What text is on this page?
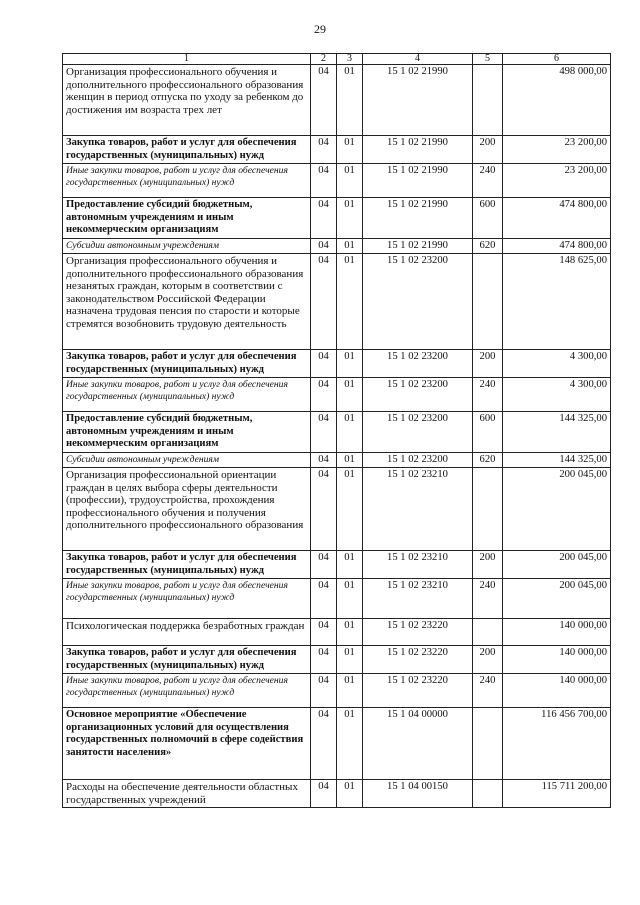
29
1	2	3	4	5	6
Организация профессионального обучения и дополнительного профессионального образования женщин в период отпуска по уходу за ребенком до достижения им возраста трех лет	04	01	15 1 02 21990		498 000,00
Закупка товаров, работ и услуг для обеспечения государственных (муниципальных) нужд	04	01	15 1 02 21990	200	23 200,00
Иные закупки товаров, работ и услуг для обеспечения государственных (муниципальных) нужд	04	01	15 1 02 21990	240	23 200,00
Предоставление субсидий бюджетным, автономным учреждениям и иным некоммерческим организациям	04	01	15 1 02 21990	600	474 800,00
Субсидии автономным учреждениям	04	01	15 1 02 21990	620	474 800,00
Организация профессионального обучения и дополнительного профессионального образования незанятых граждан, которым в соответствии с законодательством Российской Федерации назначена трудовая пенсия по старости и которые стремятся возобновить трудовую деятельность	04	01	15 1 02 23200		148 625,00
Закупка товаров, работ и услуг для обеспечения государственных (муниципальных) нужд	04	01	15 1 02 23200	200	4 300,00
Иные закупки товаров, работ и услуг для обеспечения государственных (муниципальных) нужд	04	01	15 1 02 23200	240	4 300,00
Предоставление субсидий бюджетным, автономным учреждениям и иным некоммерческим организациям	04	01	15 1 02 23200	600	144 325,00
Субсидии автономным учреждениям	04	01	15 1 02 23200	620	144 325,00
Организация профессиональной ориентации граждан в целях выбора сферы деятельности (профессии), трудоустройства, прохождения профессионального обучения и получения дополнительного профессионального образования	04	01	15 1 02 23210		200 045,00
Закупка товаров, работ и услуг для обеспечения государственных (муниципальных) нужд	04	01	15 1 02 23210	200	200 045,00
Иные закупки товаров, работ и услуг для обеспечения государственных (муниципальных) нужд	04	01	15 1 02 23210	240	200 045,00
Психологическая поддержка безработных граждан	04	01	15 1 02 23220		140 000,00
Закупка товаров, работ и услуг для обеспечения государственных (муниципальных) нужд	04	01	15 1 02 23220	200	140 000,00
Иные закупки товаров, работ и услуг для обеспечения государственных (муниципальных) нужд	04	01	15 1 02 23220	240	140 000,00
Основное мероприятие «Обеспечение организационных условий для осуществления государственных полномочий в сфере содействия занятости населения»	04	01	15 1 04 00000		116 456 700,00
Расходы на обеспечение деятельности областных государственных учреждений	04	01	15 1 04 00150		115 711 200,00
